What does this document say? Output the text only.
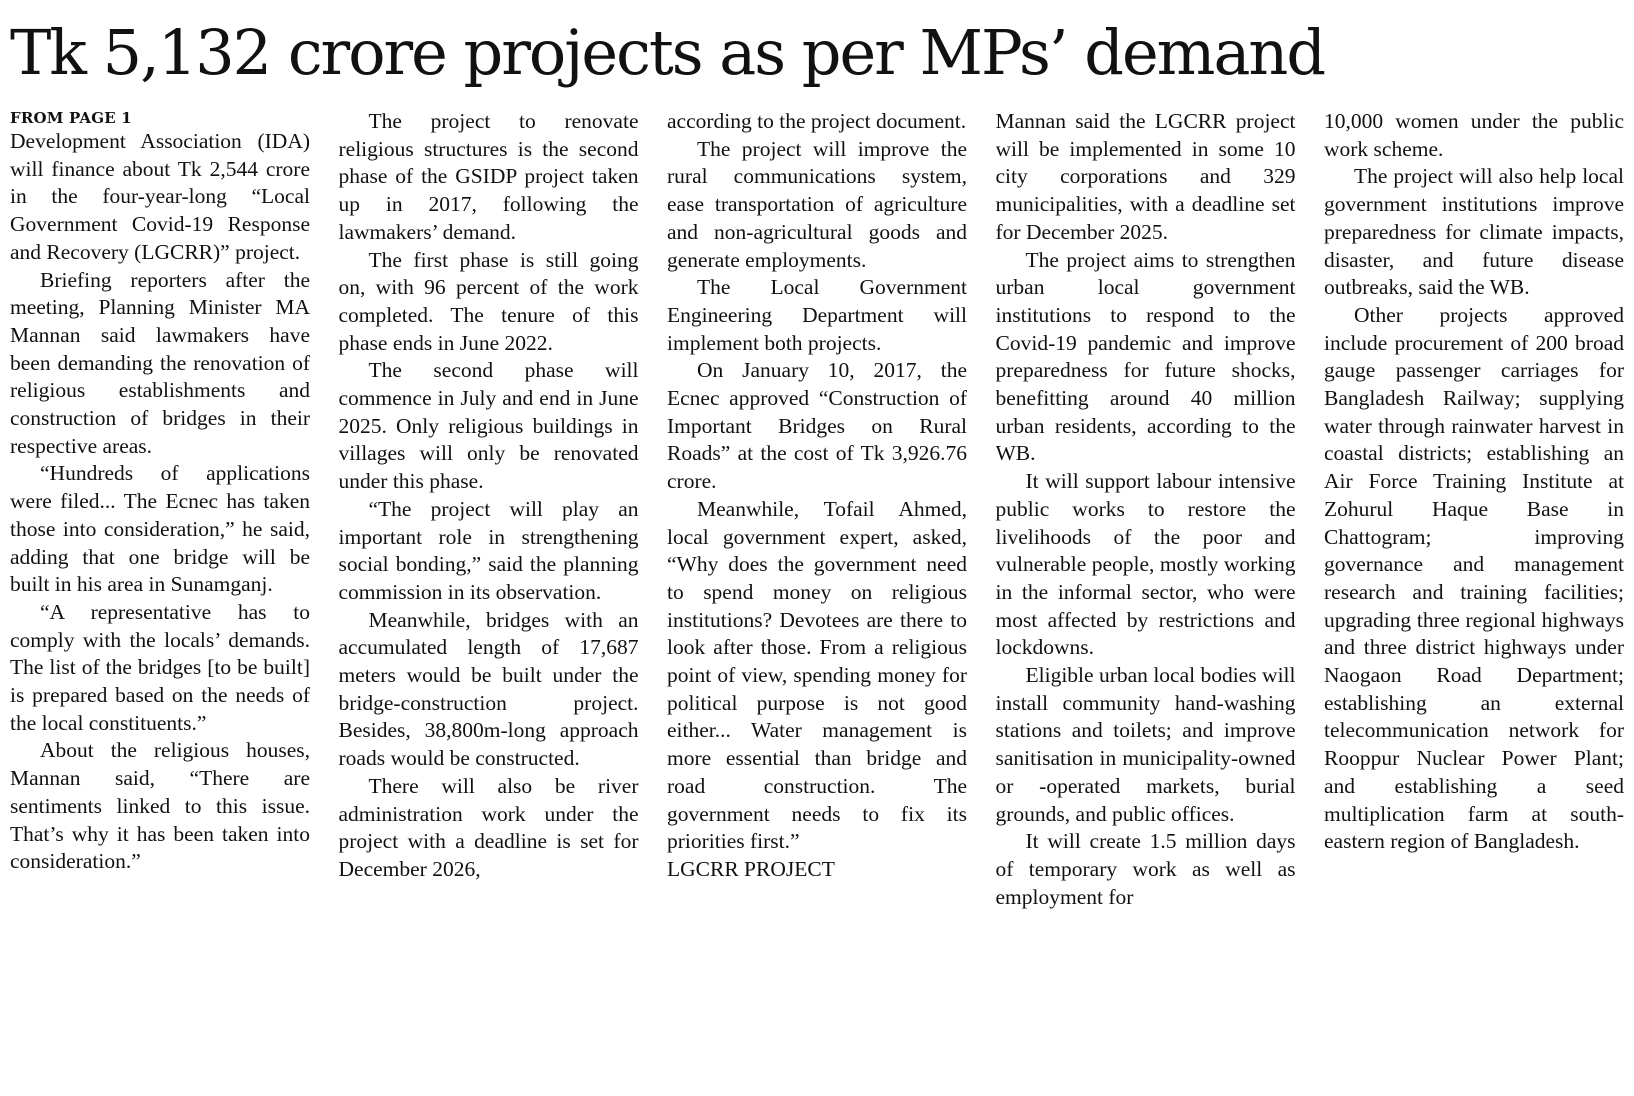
Tk 5,132 crore projects as per MPs’ demand
FROM PAGE 1

Development Association (IDA) will finance about Tk 2,544 crore in the four-year-long “Local Government Covid-19 Response and Recovery (LGCRR)” project.

Briefing reporters after the meeting, Planning Minister MA Mannan said lawmakers have been demanding the renovation of religious establishments and construction of bridges in their respective areas.

“Hundreds of applications were filed... The Ecnec has taken those into consideration,” he said, adding that one bridge will be built in his area in Sunamganj.

“A representative has to comply with the locals’ demands. The list of the bridges [to be built] is prepared based on the needs of the local constituents.”

About the religious houses, Mannan said, “There are sentiments linked to this issue. That’s why it has been taken into consideration.”

The project to renovate religious structures is the second phase of the GSIDP project taken up in 2017, following the lawmakers’ demand.

The first phase is still going on, with 96 percent of the work completed. The tenure of this phase ends in June 2022.

The second phase will commence in July and end in June 2025. Only religious buildings in villages will only be renovated under this phase.

“The project will play an important role in strengthening social bonding,” said the planning commission in its observation.

Meanwhile, bridges with an accumulated length of 17,687 meters would be built under the bridge-construction project. Besides, 38,800m-long approach roads would be constructed.

There will also be river administration work under the project with a deadline is set for December 2026,

according to the project document.

The project will improve the rural communications system, ease transportation of agriculture and non-agricultural goods and generate employments.

The Local Government Engineering Department will implement both projects.

On January 10, 2017, the Ecnec approved “Construction of Important Bridges on Rural Roads” at the cost of Tk 3,926.76 crore.

Meanwhile, Tofail Ahmed, local government expert, asked, “Why does the government need to spend money on religious institutions? Devotees are there to look after those. From a religious point of view, spending money for political purpose is not good either... Water management is more essential than bridge and road construction. The government needs to fix its priorities first.”

LGCRR PROJECT

Mannan said the LGCRR project will be implemented in some 10 city corporations and 329 municipalities, with a deadline set for December 2025.

The project aims to strengthen urban local government institutions to respond to the Covid-19 pandemic and improve preparedness for future shocks, benefitting around 40 million urban residents, according to the WB.

It will support labour intensive public works to restore the livelihoods of the poor and vulnerable people, mostly working in the informal sector, who were most affected by restrictions and lockdowns.

Eligible urban local bodies will install community hand-washing stations and toilets; and improve sanitisation in municipality-owned or -operated markets, burial grounds, and public offices.

It will create 1.5 million days of temporary work as well as employment for

10,000 women under the public work scheme.

The project will also help local government institutions improve preparedness for climate impacts, disaster, and future disease outbreaks, said the WB.

Other projects approved include procurement of 200 broad gauge passenger carriages for Bangladesh Railway; supplying water through rainwater harvest in coastal districts; establishing an Air Force Training Institute at Zohurul Haque Base in Chattogram; improving governance and management research and training facilities; upgrading three regional highways and three district highways under Naogaon Road Department; establishing an external telecommunication network for Rooppur Nuclear Power Plant; and establishing a seed multiplication farm at south-eastern region of Bangladesh.
